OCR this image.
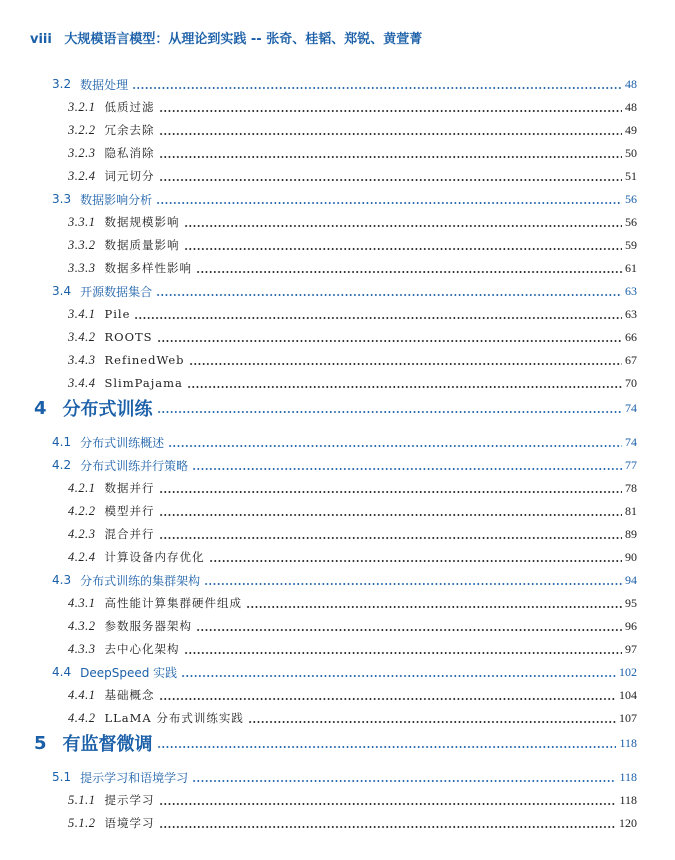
viii 大规模语言模型：从理论到实践 -- 张奇、桂韬、郑锐、黄萱菁
3.2 数据处理	48
3.2.1 低质过滤	48
3.2.2 冗余去除	49
3.2.3 隐私消除	50
3.2.4 词元切分	51
3.3 数据影响分析	56
3.3.1 数据规模影响	56
3.3.2 数据质量影响	59
3.3.3 数据多样性影响	61
3.4 开源数据集合	63
3.4.1 Pile	63
3.4.2 ROOTS	66
3.4.3 RefinedWeb	67
3.4.4 SlimPajama	70
4 分布式训练	74
4.1 分布式训练概述	74
4.2 分布式训练并行策略	77
4.2.1 数据并行	78
4.2.2 模型并行	81
4.2.3 混合并行	89
4.2.4 计算设备内存优化	90
4.3 分布式训练的集群架构	94
4.3.1 高性能计算集群硬件组成	95
4.3.2 参数服务器架构	96
4.3.3 去中心化架构	97
4.4 DeepSpeed 实践	102
4.4.1 基础概念	104
4.4.2 LLaMA 分布式训练实践	107
5 有监督微调	118
5.1 提示学习和语境学习	118
5.1.1 提示学习	118
5.1.2 语境学习	120
